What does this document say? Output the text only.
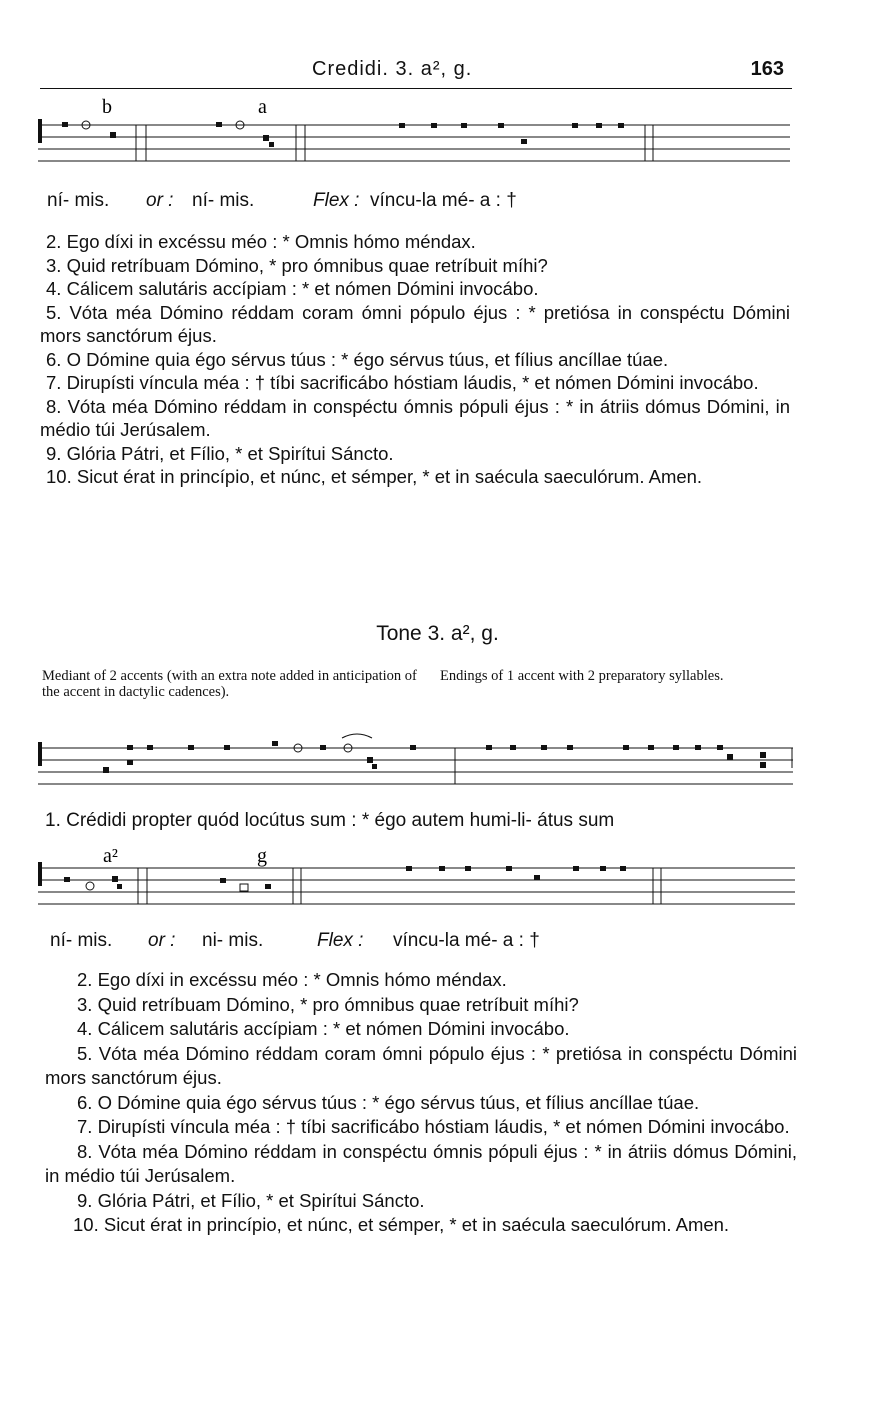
Credidi. 3. a², g.	163
b	a
ní- mis. or : ní- mis.	Flex : víncu-la mé- a : †

2. Ego díxi in excéssu méo : * Omnis hómo méndax.

3. Quid retríbuam Dómino, * pro ómnibus quae retríbuit míhi?

4. Cálicem salutáris accípiam : * et nómen Dómini invocábo.

5. Vóta méa Dómino réddam coram ómni pópulo éjus : * pretiósa in conspéctu Dómini mors sanctórum éjus.

6. O Dómine quia égo sérvus túus : * égo sérvus túus, et fílius ancíllae túae.

7. Dirupísti víncula méa : † tíbi sacrificábo hóstiam láudis, * et nómen Dómini invocábo.

8. Vóta méa Dómino réddam in conspéctu ómnis pópuli éjus : * in átriis dómus Dómini, in médio túi Jerúsalem.

9. Glória Pátri, et Fílio, * et Spirítui Sáncto.

10. Sicut érat in princípio, et núnc, et sémper, * et in saécula saeculórum. Amen.

Tone 3. a², g.
Mediant of 2 accents (with an extra note added in anticipation of the accent in dactylic cadences).
Endings of 1 accent with 2 preparatory syllables.
1. Crédidi propter quód locútus sum : * égo autem humi-li- átus sum
a²	g
ní- mis. or : ni- mis.	Flex : víncu-la mé- a : †

2. Ego díxi in excéssu méo : * Omnis hómo méndax.

3. Quid retríbuam Dómino, * pro ómnibus quae retríbuit míhi?

4. Cálicem salutáris accípiam : * et nómen Dómini invocábo.

5. Vóta méa Dómino réddam coram ómni pópulo éjus : * pretiósa in conspéctu Dómini mors sanctórum éjus.

6. O Dómine quia égo sérvus túus : * égo sérvus túus, et fílius ancíllae túae.

7. Dirupísti víncula méa : † tíbi sacrificábo hóstiam láudis, * et nómen Dómini invocábo.

8. Vóta méa Dómino réddam in conspéctu ómnis pópuli éjus : * in átriis dómus Dómini, in médio túi Jerúsalem.

9. Glória Pátri, et Fílio, * et Spirítui Sáncto.

10. Sicut érat in princípio, et núnc, et sémper, * et in saécula saeculórum. Amen.
